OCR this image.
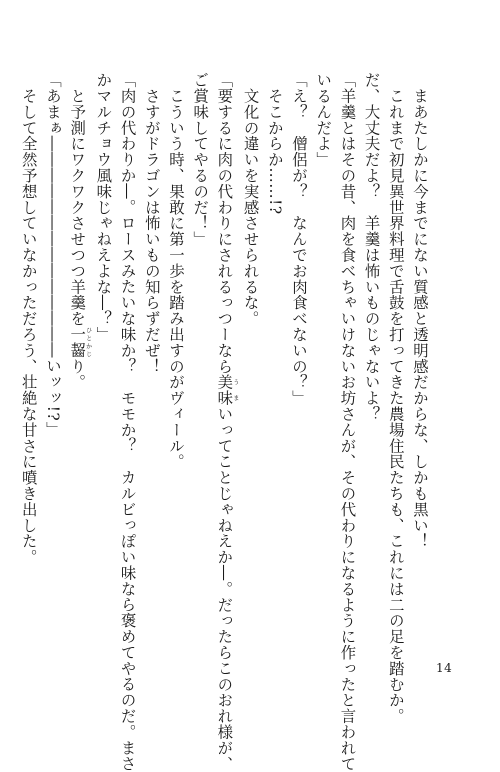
　まあたしかに今までにない質感と透明感だからな、しかも黒い！

　これまで初見異世界料理で舌鼓を打ってきた農場住民たちも、これには二の足を踏むか。

だ、大丈夫だよ？　羊羹は怖いものじゃないよ？

「羊羹とはその昔、肉を食べちゃいけないお坊さんが、その代わりになるように作ったと言われて

いるんだよ」

「え？　僧侶が？　なんでお肉食べないの？」

　そこからか……!?

　文化の違いを実感させられるな。

「要するに肉の代わりにされるっつーなら美味うまいってことじゃねえか―。だったらこのおれ様が、

ご賞味してやるのだ！」

　こういう時、果敢に第一歩を踏み出すのがヴィール。

　さすがドラゴンは怖いもの知らずだぜ！

「肉の代わりか―。ロースみたいな味か？　モモか？　カルビっぽい味なら褒めてやるのだ。まさ

かマルチョウ風味じゃねえよな―？」

　と予測にワクワクさせつつ羊羹を一齧ひとかじり。

「あまぁ――――――――――――――いッッ!?」

　そして全然予想していなかっただろう、壮絶な甘さに噴き出した。

14
